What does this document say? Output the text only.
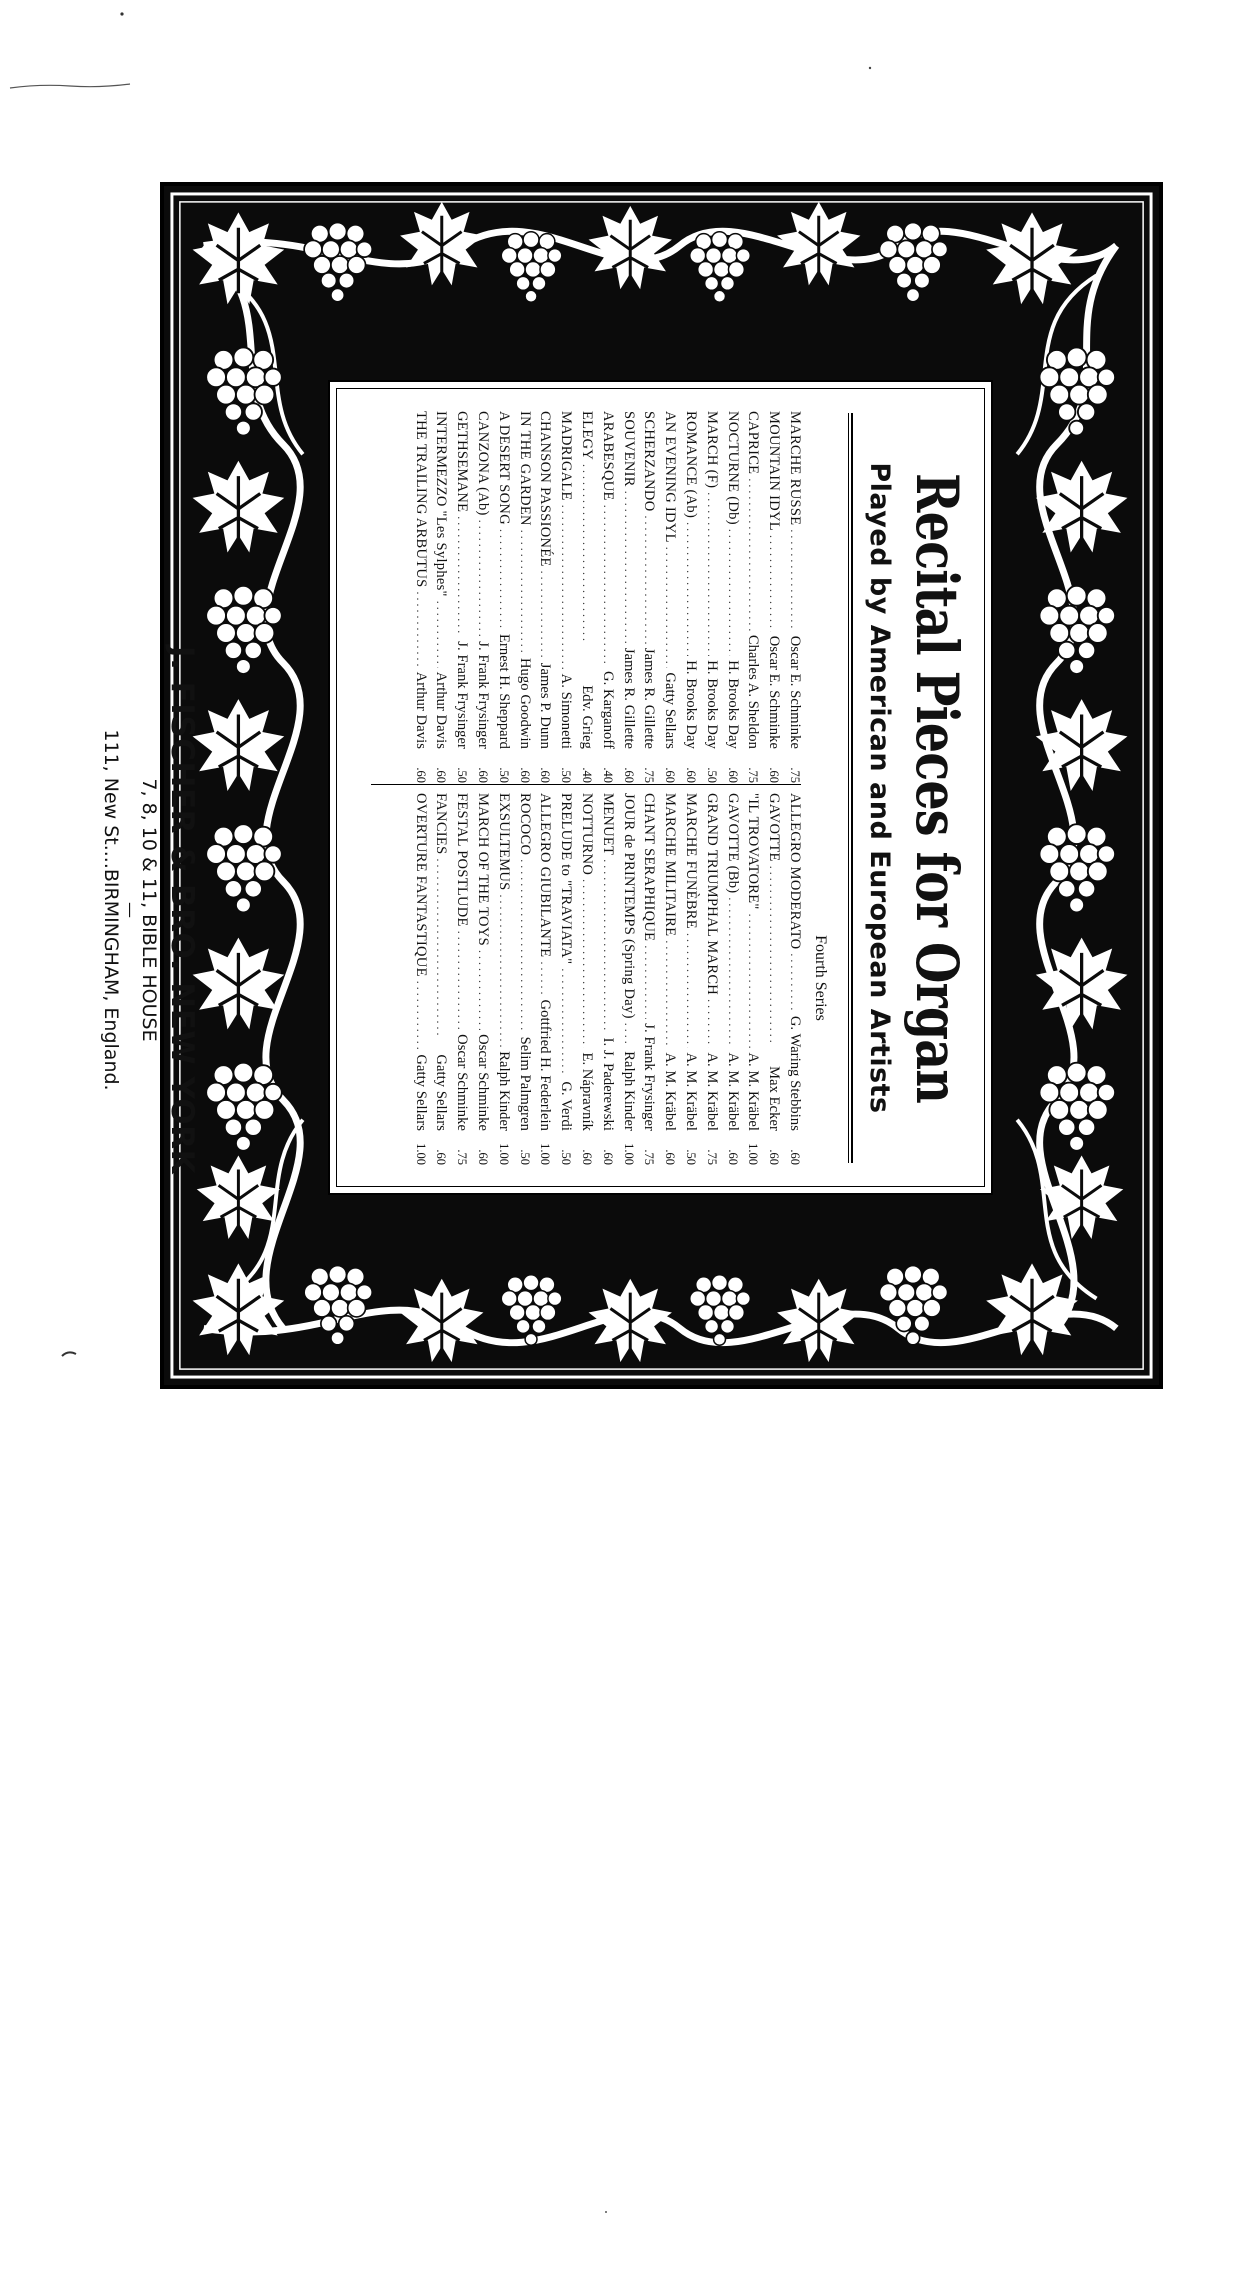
Recital Pieces for Organ
Played by American and European Artists
Fourth Series
MARCHE RUSSE
. . .
Oscar E. Schminke
.75
MOUNTAIN IDYL
. . .
Oscar E. Schminke
.60
CAPRICE
. . .
Charles A. Sheldon
.75
NOCTURNE (Db)
. . .
H. Brooks Day
.60
MARCH (F)
. . .
H. Brooks Day
.50
ROMANCE (Ab)
. . .
H. Brooks Day
.60
AN EVENING IDYL
. . .
Gatty Sellars
.60
SCHERZANDO
. . .
James R. Gillette
.75
SOUVENIR
. . .
James R. Gillette
.60
ARABESQUE
. . .
G. Karganoff
.40
ELEGY
. . .
Edv. Grieg
.40
MADRIGALE
. . .
A. Simonetti
.50
CHANSON PASSIONÉE
. . .
James P. Dunn
.60
IN THE GARDEN
. . .
Hugo Goodwin
.60
A DESERT SONG
. . .
Ernest H. Sheppard
.50
CANZONA (Ab)
. . .
J. Frank Frysinger
.60
GETHSEMANE
. . .
J. Frank Frysinger
.50
INTERMEZZO "Les Sylphes"
. . .
Arthur Davis
.60
THE TRAILING ARBUTUS
. . .
Arthur Davis
.60
ALLEGRO MODERATO
. . .
G. Waring Stebbins
.60
GAVOTTE
. . .
Max Ecker
.60
"IL TROVATORE"
. . .
A. M. Kräbel
1.00
GAVOTTE (Bb)
. . .
A. M. Kräbel
.60
GRAND TRIUMPHAL MARCH
. . .
A. M. Kräbel
.75
MARCHE FUNÈBRE
. . .
A. M. Kräbel
.50
MARCHE MILITAIRE
. . .
A. M. Kräbel
.60
CHANT SERAPHIQUE
. . .
J. Frank Frysinger
.75
JOUR de PRINTEMPS (Spring Day)
. . .
Ralph Kinder
1.00
MENUET
. . .
I. J. Paderewski
.60
NOTTURNO
. . .
E. Nápravník
.60
PRELUDE to "TRAVIATA"
. . .
G. Verdi
.50
ALLEGRO GIUBILANTE
. . .
Gottfried H. Federlein
1.00
ROCOCO
. . .
Selim Palmgren
.50
EXSULTEMUS
. . .
Ralph Kinder
1.00
MARCH OF THE TOYS
. . .
Oscar Schminke
.60
FESTAL POSTLUDE
. . .
Oscar Schminke
.75
FANCIES
. . .
Gatty Sellars
.60
OVERTURE FANTASTIQUE
. . .
Gatty Sellars
1.00
J. FISCHER & BRO. NEW YORK
7, 8, 10 & 11, BIBLE HOUSE
—
111, New St....BIRMINGHAM, England.
